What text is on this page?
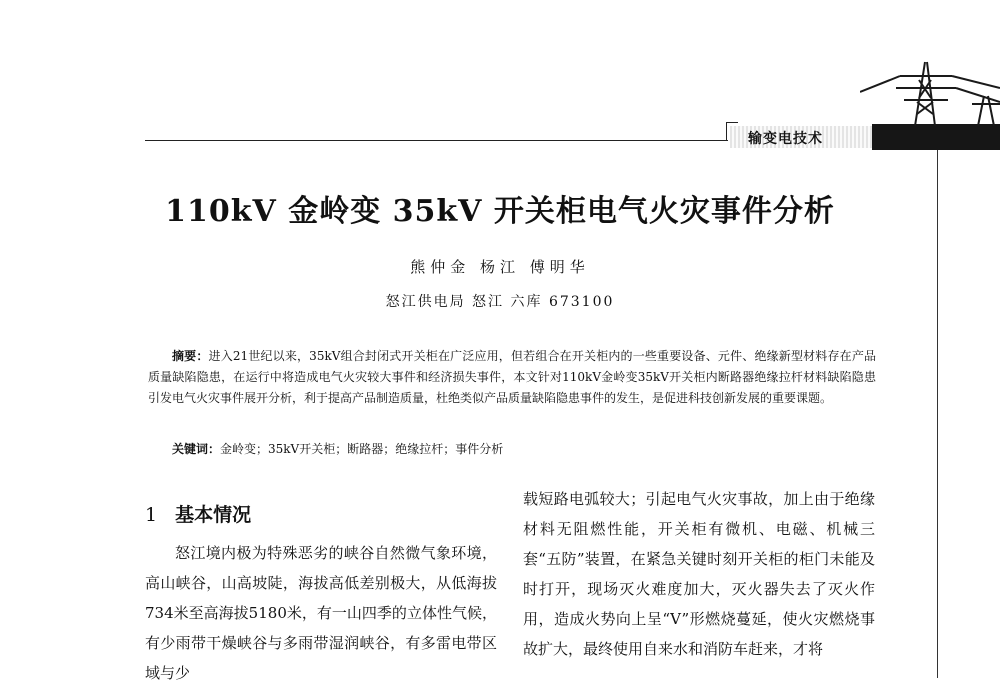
输变电技术
110kV 金岭变 35kV 开关柜电气火灾事件分析
熊仲金 杨江 傅明华
怒江供电局 怒江 六库 673100
摘要：进入21世纪以来，35kV组合封闭式开关柜在广泛应用，但若组合在开关柜内的一些重要设备、元件、绝缘新型材料存在产品质量缺陷隐患，在运行中将造成电气火灾较大事件和经济损失事件，本文针对110kV金岭变35kV开关柜内断路器绝缘拉杆材料缺陷隐患引发电气火灾事件展开分析，利于提高产品制造质量，杜绝类似产品质量缺陷隐患事件的发生，是促进科技创新发展的重要课题。
关键词：金岭变；35kV开关柜；断路器；绝缘拉杆；事件分析
1 基本情况
怒江境内极为特殊恶劣的峡谷自然微气象环境，高山峡谷，山高坡陡，海拔高低差别极大，从低海拔734米至高海拔5180米，有一山四季的立体性气候，有少雨带干燥峡谷与多雨带湿润峡谷，有多雷电带区域与少
载短路电弧较大；引起电气火灾事故，加上由于绝缘材料无阻燃性能，开关柜有微机、电磁、机械三套“五防”装置，在紧急关键时刻开关柜的柜门未能及时打开，现场灭火难度加大，灭火器失去了灭火作用，造成火势向上呈“V”形燃烧蔓延，使火灾燃烧事故扩大，最终使用自来水和消防车赶来，才将
